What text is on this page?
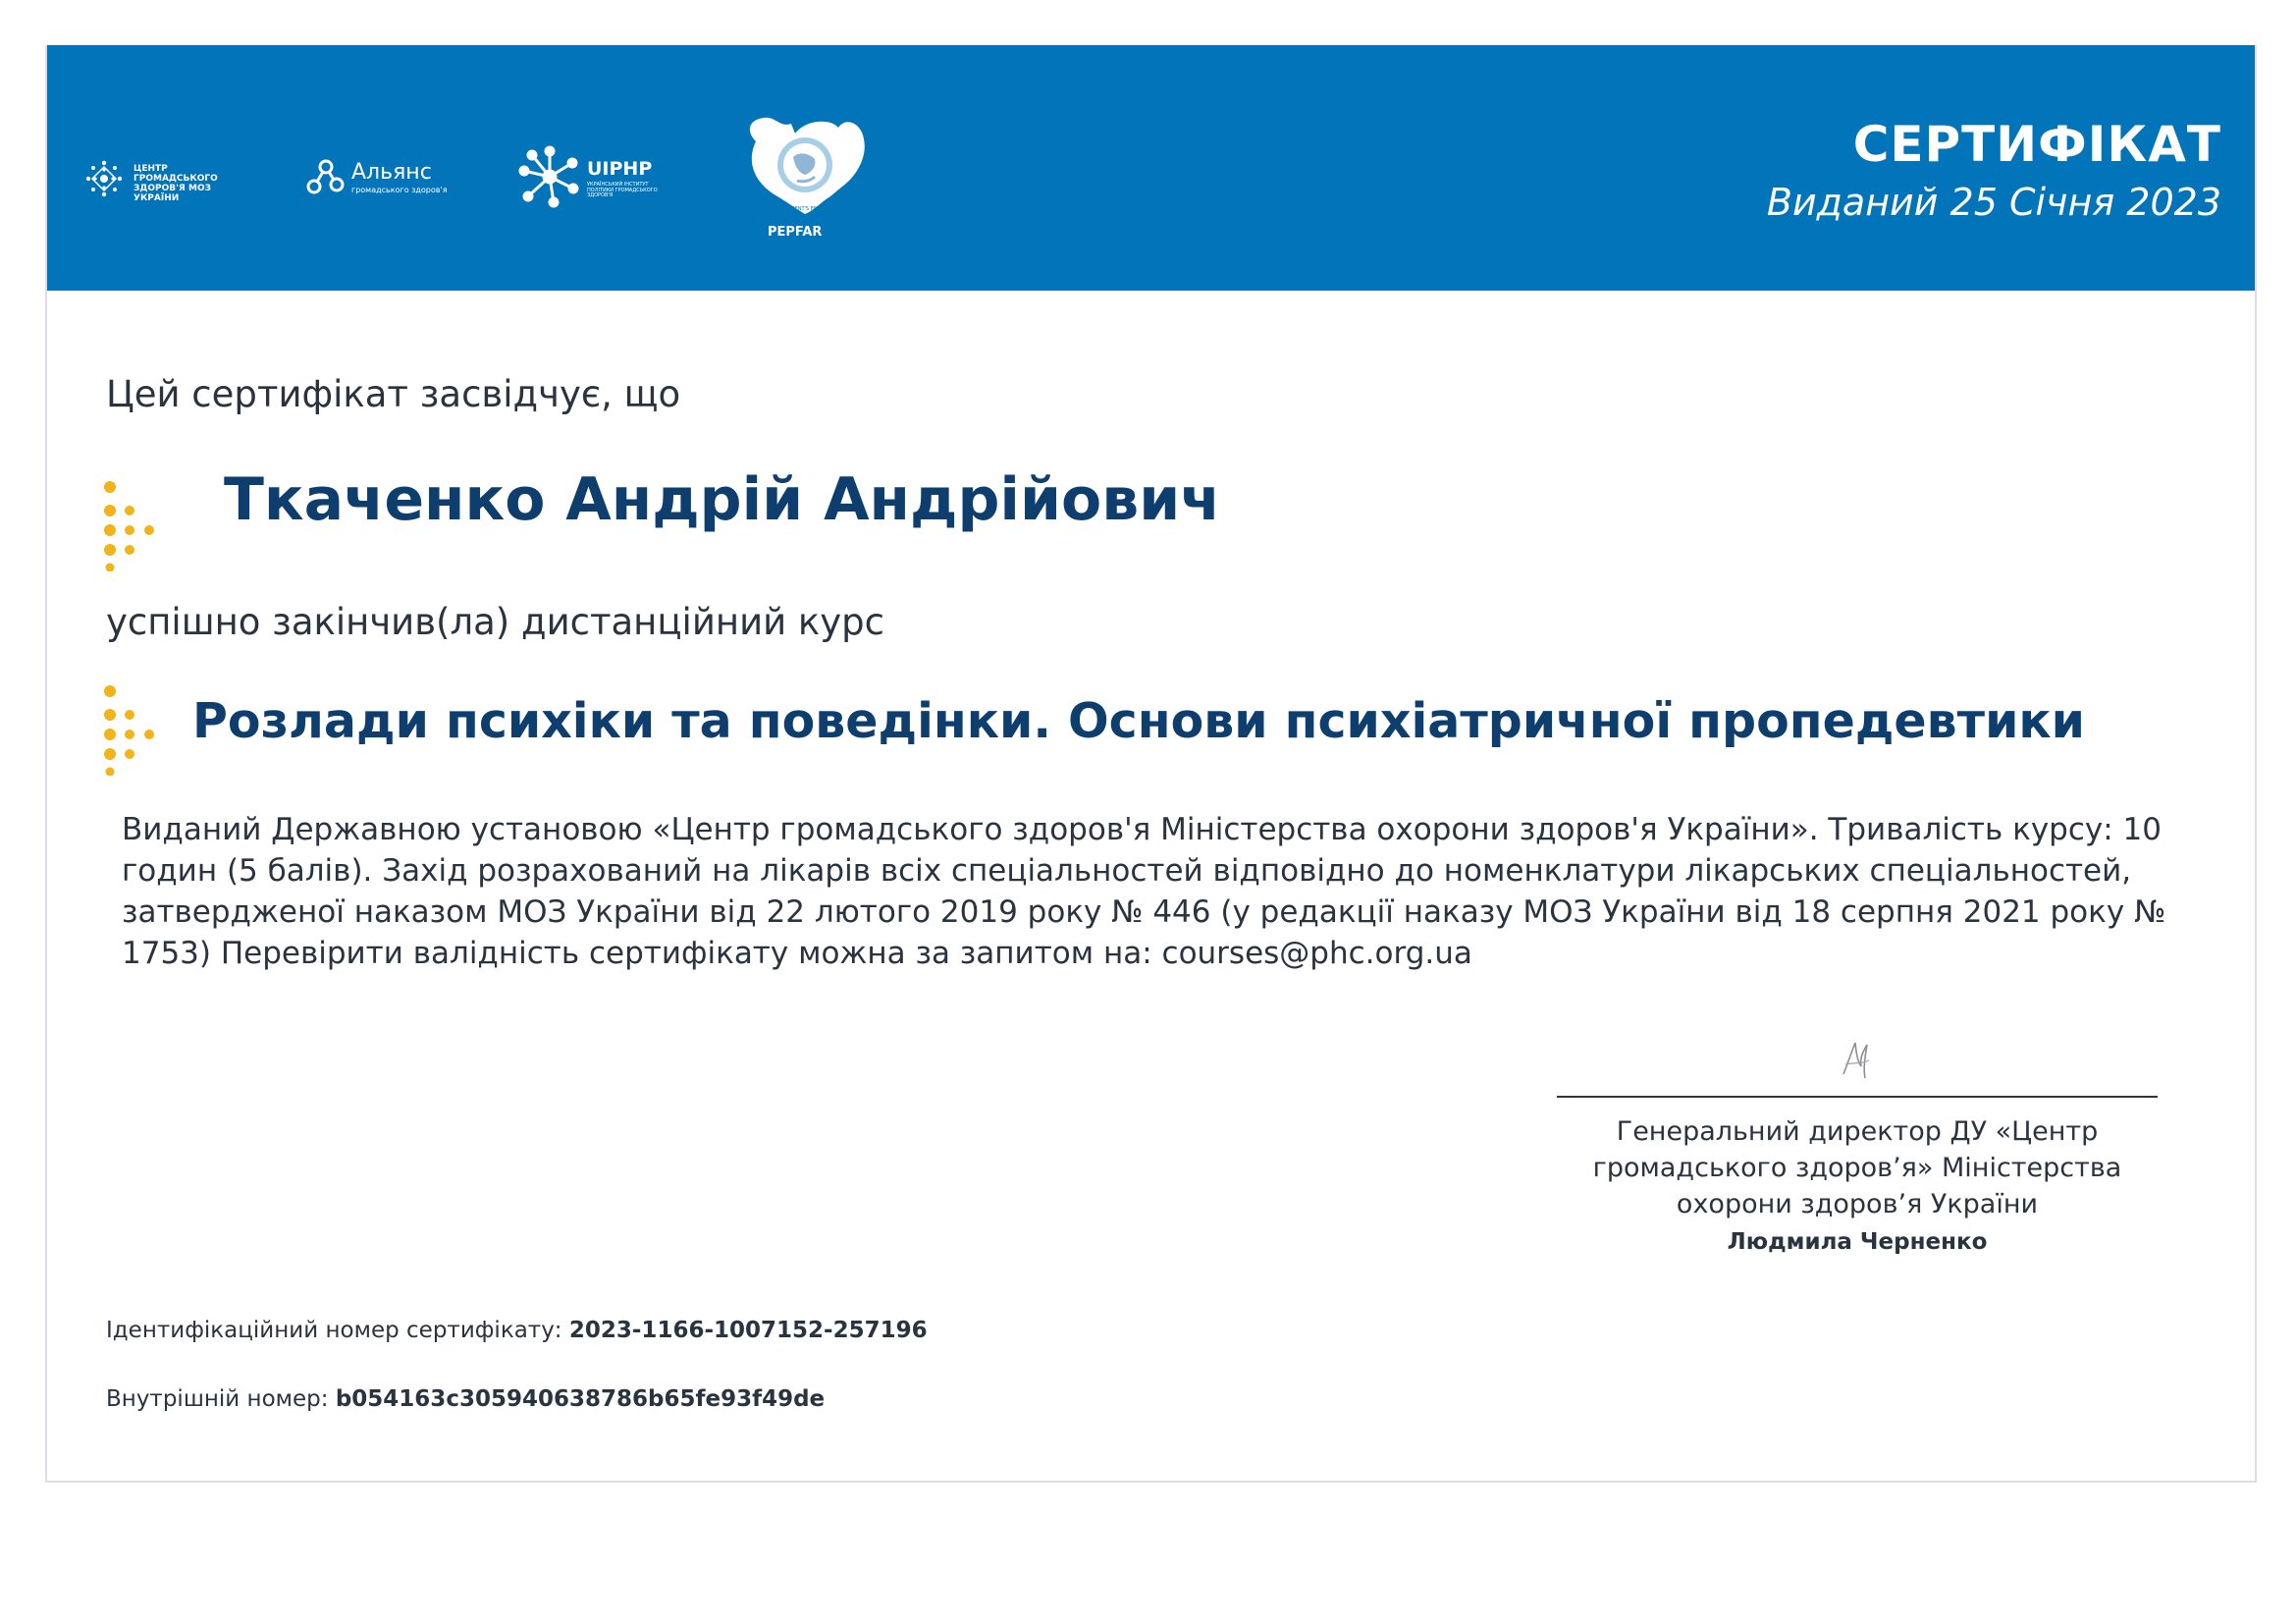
ЦЕНТР ГРОМАДСЬКОГО ЗДОРОВ'Я МОЗ УКРАЇНИ
Альянс
громадського здоров'я
UIPHP
УКРАЇНСЬКИЙ ІНСТИТУТ ПОЛІТИКИ ГРОМАДСЬКОГО ЗДОРОВ'Я
THE U.S. PRESIDENT'S EMERGENCY PLAN
PEPFAR
СЕРТИФІКАТ
Виданий 25 Січня 2023
Цей сертифікат засвідчує, що
Ткаченко Андрій Андрійович
успішно закінчив(ла) дистанційний курс
Розлади психіки та поведінки. Основи психіатричної пропедевтики
Виданий Державною установою «Центр громадського здоров'я Міністерства охорони здоров'я України». Тривалість курсу: 10 годин (5 балів). Захід розрахований на лікарів всіх спеціальностей відповідно до номенклатури лікарських спеціальностей, затвердженої наказом МОЗ України від 22 лютого 2019 року № 446 (у редакції наказу МОЗ України від 18 серпня 2021 року № 1753) Перевірити валідність сертифікату можна за запитом на: courses@phc.org.ua
Генеральний директор ДУ «Центр громадського здоров’я» Міністерства охорони здоров’я України
Людмила Черненко
Ідентифікаційний номер сертифікату: 2023-1166-1007152-257196
Внутрішній номер: b054163c305940638786b65fe93f49de
